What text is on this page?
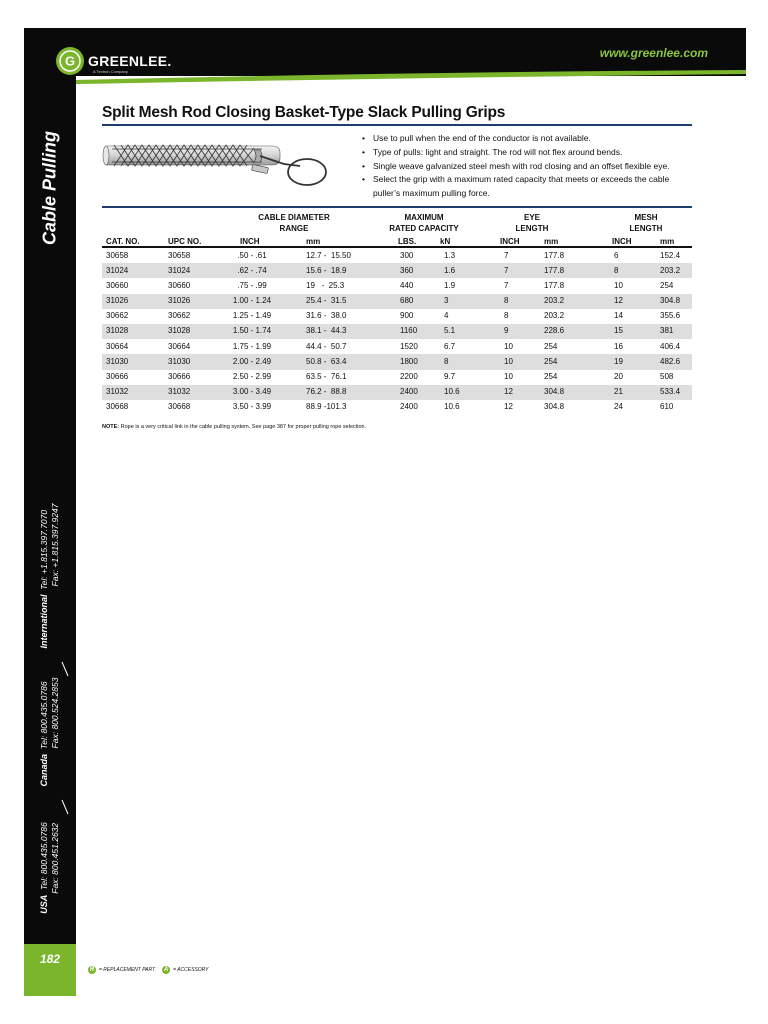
G GREENLEE.
A Textron Company
www.greenlee.com
Cable Pulling
International  Tel: +1.815.397.7070 Fax: +1.815.397.9247
Canada  Tel: 800.435.0786 Fax: 800.524.2853
USA  Tel: 800.435.0786 Fax: 800.451.2632
182
Split Mesh Rod Closing Basket-Type Slack Pulling Grips
• Use to pull when the end of the conductor is not available.
• Type of pulls: light and straight. The rod will not flex around bends.
• Single weave galvanized steel mesh with rod closing and an offset flexible eye.
• Select the grip with a maximum rated capacity that meets or exceeds the cable puller’s maximum pulling force.
CABLE DIAMETER
RANGE
MAXIMUM
RATED CAPACITY
EYE
LENGTH
MESH
LENGTH
CAT. NO.	UPC NO.	INCH	mm	LBS.	kN	INCH	mm	INCH	mm
30658	30658	.50 - .61	12.7 -  15.50	300	1.3	7	177.8	6	152.4
31024	31024	.62 - .74	15.6 -  18.9	360	1.6	7	177.8	8	203.2
30660	30660	.75 - .99	19   -  25.3	440	1.9	7	177.8	10	254
31026	31026	1.00 - 1.24	25.4 -  31.5	680	3	8	203.2	12	304.8
30662	30662	1.25 - 1.49	31.6 -  38.0	900	4	8	203.2	14	355.6
31028	31028	1.50 - 1.74	38.1 -  44.3	1160	5.1	9	228.6	15	381
30664	30664	1.75 - 1.99	44.4 -  50.7	1520	6.7	10	254	16	406.4
31030	31030	2.00 - 2.49	50.8 -  63.4	1800	8	10	254	19	482.6
30666	30666	2.50 - 2.99	63.5 -  76.1	2200	9.7	10	254	20	508
31032	31032	3.00 - 3.49	76.2 -  88.8	2400	10.6	12	304.8	21	533.4
30668	30668	3.50 - 3.99	88.9 -101.3	2400	10.6	12	304.8	24	610
NOTE: Rope is a very critical link in the cable pulling system. See page 387 for proper pulling rope selection.
R = REPLACEMENT PART	A = ACCESSORY
